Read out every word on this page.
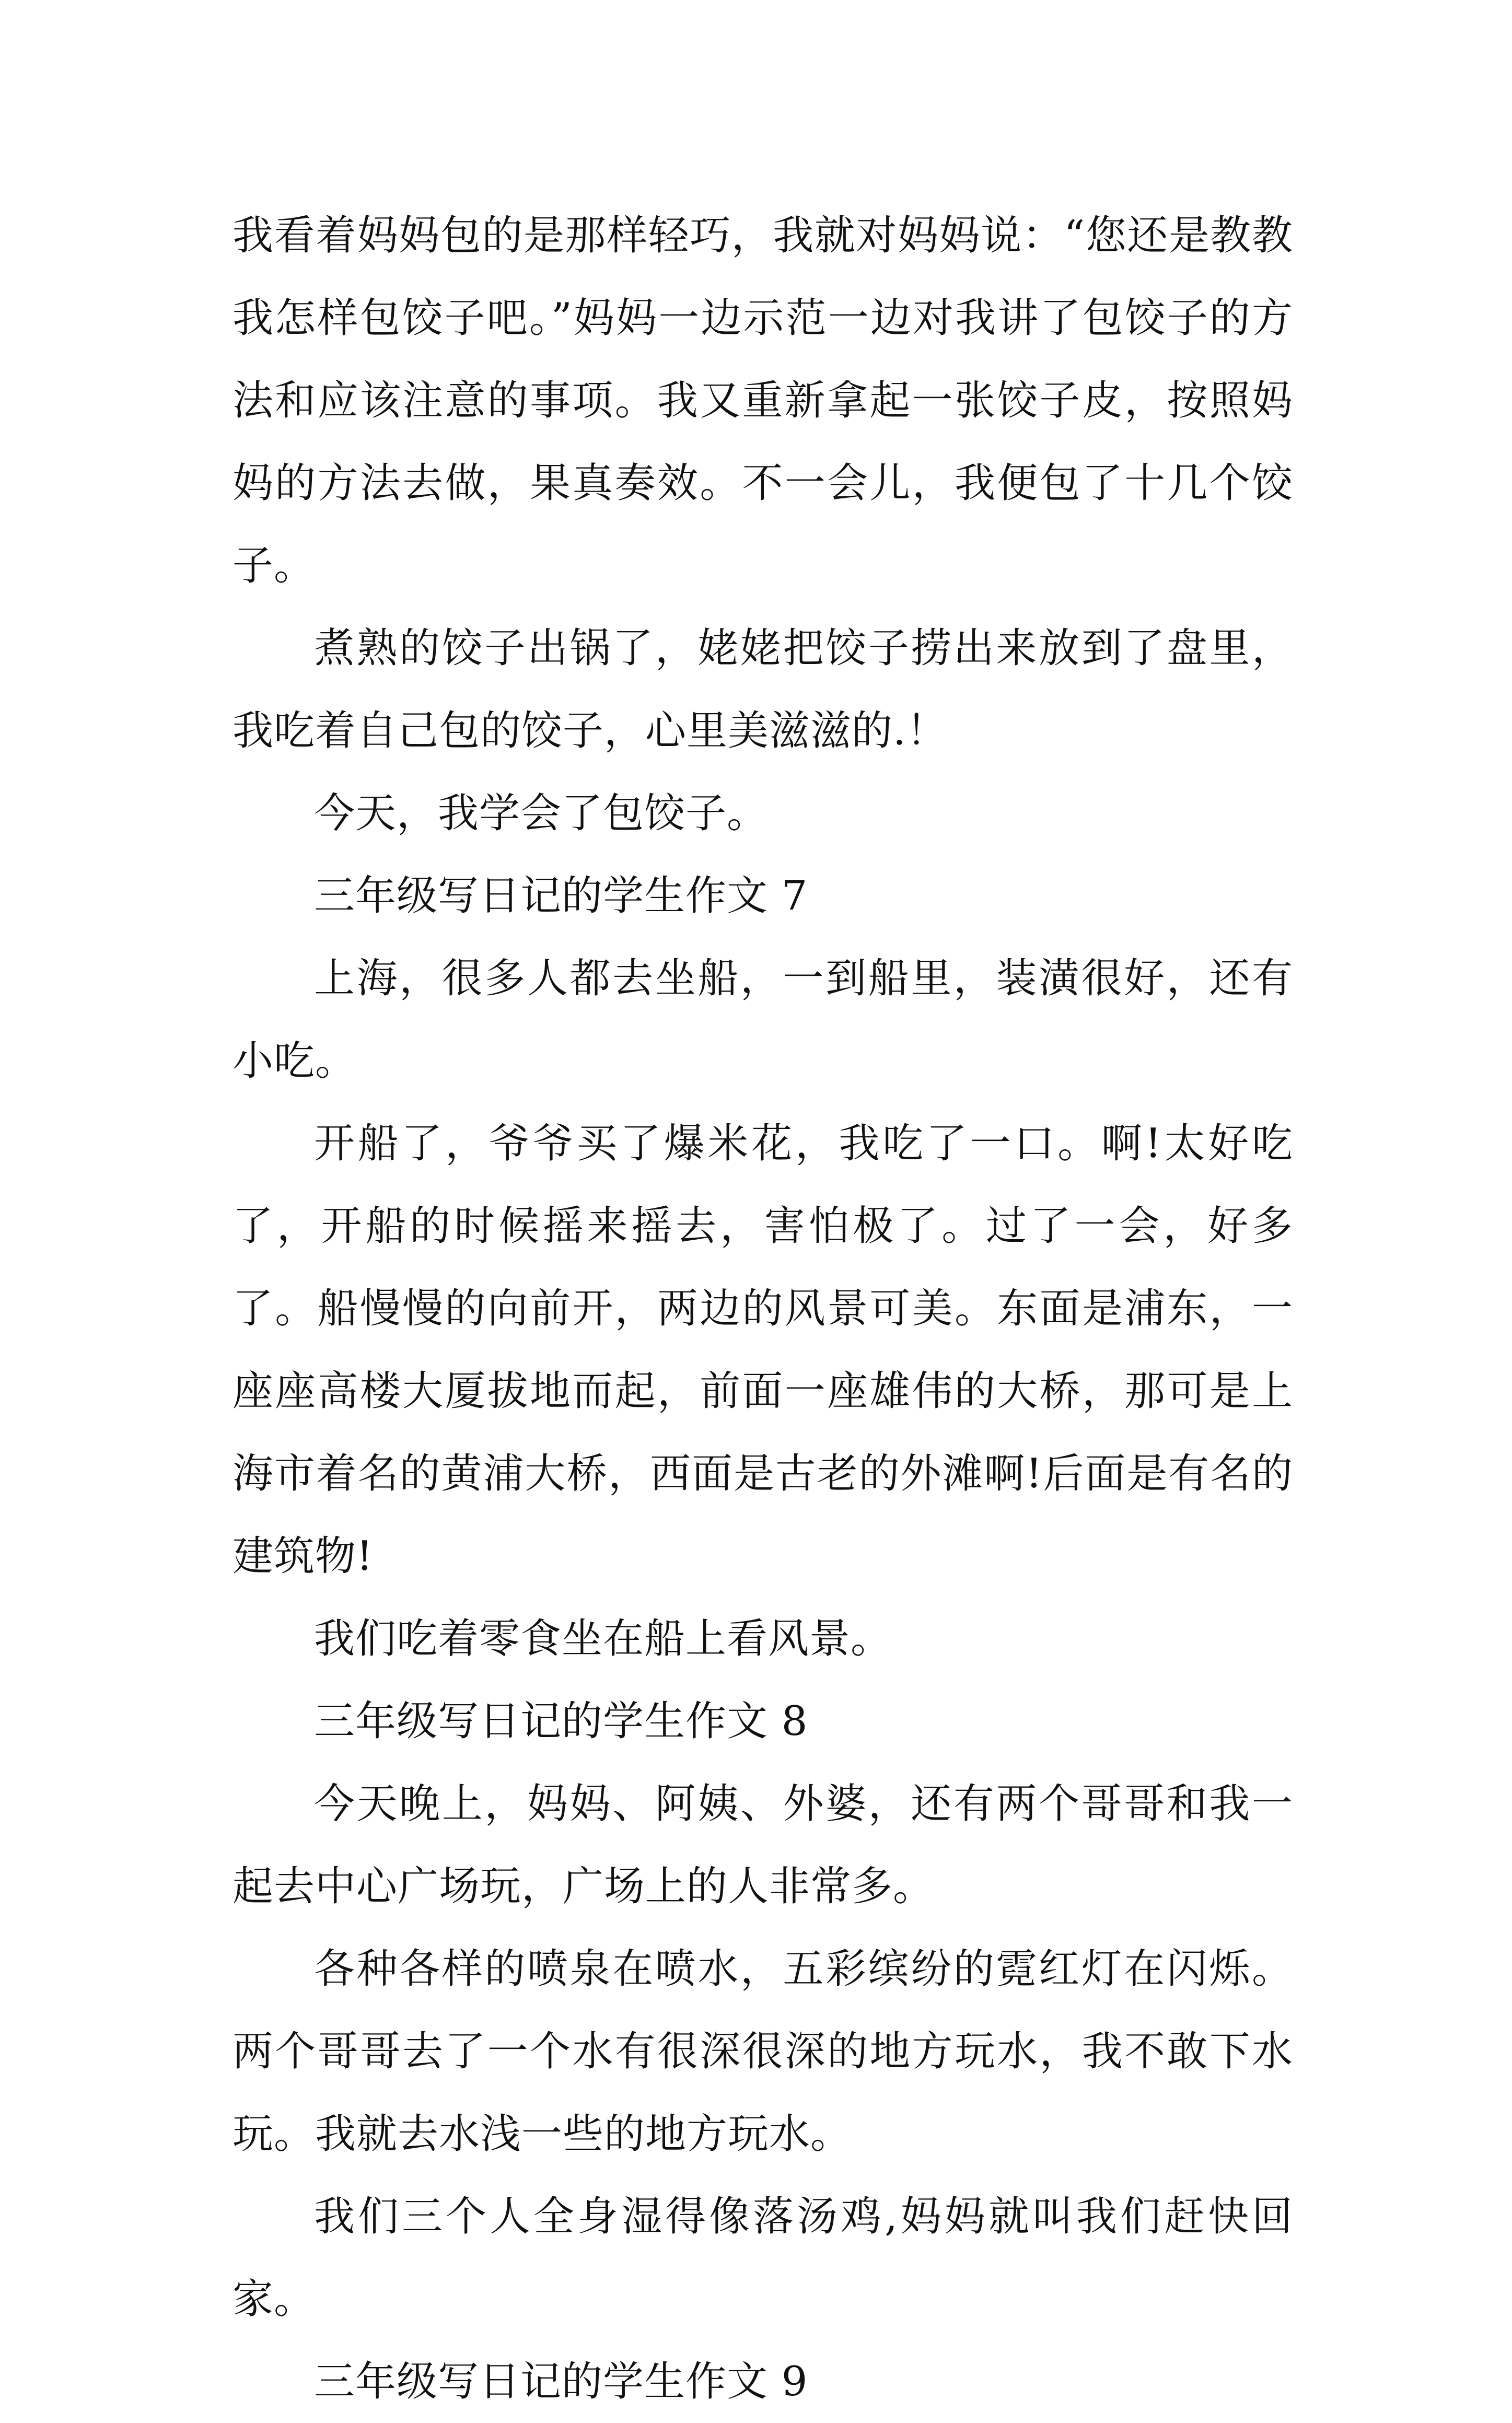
我看着妈妈包的是那样轻巧，我就对妈妈说：“您还是教教我怎样包饺子吧。”妈妈一边示范一边对我讲了包饺子的方法和应该注意的事项。我又重新拿起一张饺子皮，按照妈妈的方法去做，果真奏效。不一会儿，我便包了十几个饺子。

煮熟的饺子出锅了，姥姥把饺子捞出来放到了盘里，我吃着自己包的饺子，心里美滋滋的.！

今天，我学会了包饺子。

三年级写日记的学生作文 7

上海，很多人都去坐船，一到船里，装潢很好，还有小吃。

开船了，爷爷买了爆米花，我吃了一口。啊!太好吃了，开船的时候摇来摇去，害怕极了。过了一会，好多了。船慢慢的向前开，两边的风景可美。东面是浦东，一座座高楼大厦拔地而起，前面一座雄伟的大桥，那可是上海市着名的黄浦大桥，西面是古老的外滩啊!后面是有名的建筑物!

我们吃着零食坐在船上看风景。

三年级写日记的学生作文 8

今天晚上，妈妈、阿姨、外婆，还有两个哥哥和我一起去中心广场玩，广场上的人非常多。

各种各样的喷泉在喷水，五彩缤纷的霓红灯在闪烁。两个哥哥去了一个水有很深很深的地方玩水，我不敢下水玩。我就去水浅一些的地方玩水。

我们三个人全身湿得像落汤鸡,妈妈就叫我们赶快回家。

三年级写日记的学生作文 9
